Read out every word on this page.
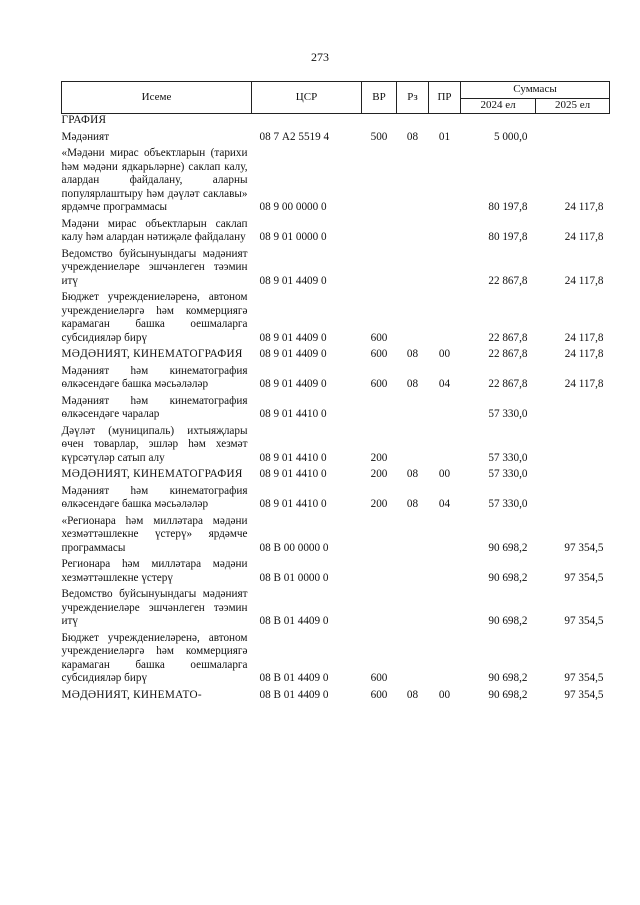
273
Исеме	ЦСР	ВР	Рз	ПР	Суммасы	
					2024 ел	2025 ел
ГРАФИЯ						
Мәдәният	08 7 А2 5519 4	500	08	01	5 000,0	
«Мәдәни мирас объектларын (тарихи һәм мәдәни ядкарьләрне) саклап калу, алардан файдалану, аларны популярлаштыру һәм дәүләт саклавы» ярдәмче программасы	08 9 00 0000 0				80 197,8	24 117,8
Мәдәни мирас объектларын саклап калу һәм алардан нәтиҗәле файдалану	08 9 01 0000 0				80 197,8	24 117,8
Ведомство буйсынуындагы мәдәният учреждениеләре эшчәнлеген тәэмин итү	08 9 01 4409 0				22 867,8	24 117,8
Бюджет учреждениеләренә, автоном учреждениеләргә һәм коммерциягә карамаган башка оешмаларга субсидияләр бирү	08 9 01 4409 0	600			22 867,8	24 117,8
МӘДӘНИЯТ, КИНЕМАТОГРАФИЯ	08 9 01 4409 0	600	08	00	22 867,8	24 117,8
Мәдәният һәм кинематография өлкәсендәге башка мәсьәләләр	08 9 01 4409 0	600	08	04	22 867,8	24 117,8
Мәдәният һәм кинематография өлкәсендәге чаралар	08 9 01 4410 0				57 330,0	
Дәүләт (муниципаль) ихтыяҗлары өчен товарлар, эшләр һәм хезмәт күрсәтүләр сатып алу	08 9 01 4410 0	200			57 330,0	
МӘДӘНИЯТ, КИНЕМАТОГРАФИЯ	08 9 01 4410 0	200	08	00	57 330,0	
Мәдәният һәм кинематография өлкәсендәге башка мәсьәләләр	08 9 01 4410 0	200	08	04	57 330,0	
«Регионара һәм милләтара мәдәни хезмәттәшлекне үстерү» ярдәмче программасы	08 В 00 0000 0				90 698,2	97 354,5
Регионара һәм милләтара мәдәни хезмәттәшлекне үстерү	08 В 01 0000 0				90 698,2	97 354,5
Ведомство буйсынуындагы мәдәният учреждениеләре эшчәнлеген тәэмин итү	08 В 01 4409 0				90 698,2	97 354,5
Бюджет учреждениеләренә, автоном учреждениеләргә һәм коммерциягә карамаган башка оешмаларга субсидияләр бирү	08 В 01 4409 0	600			90 698,2	97 354,5
МӘДӘНИЯТ, КИНЕМАТО-	08 В 01 4409 0	600	08	00	90 698,2	97 354,5
